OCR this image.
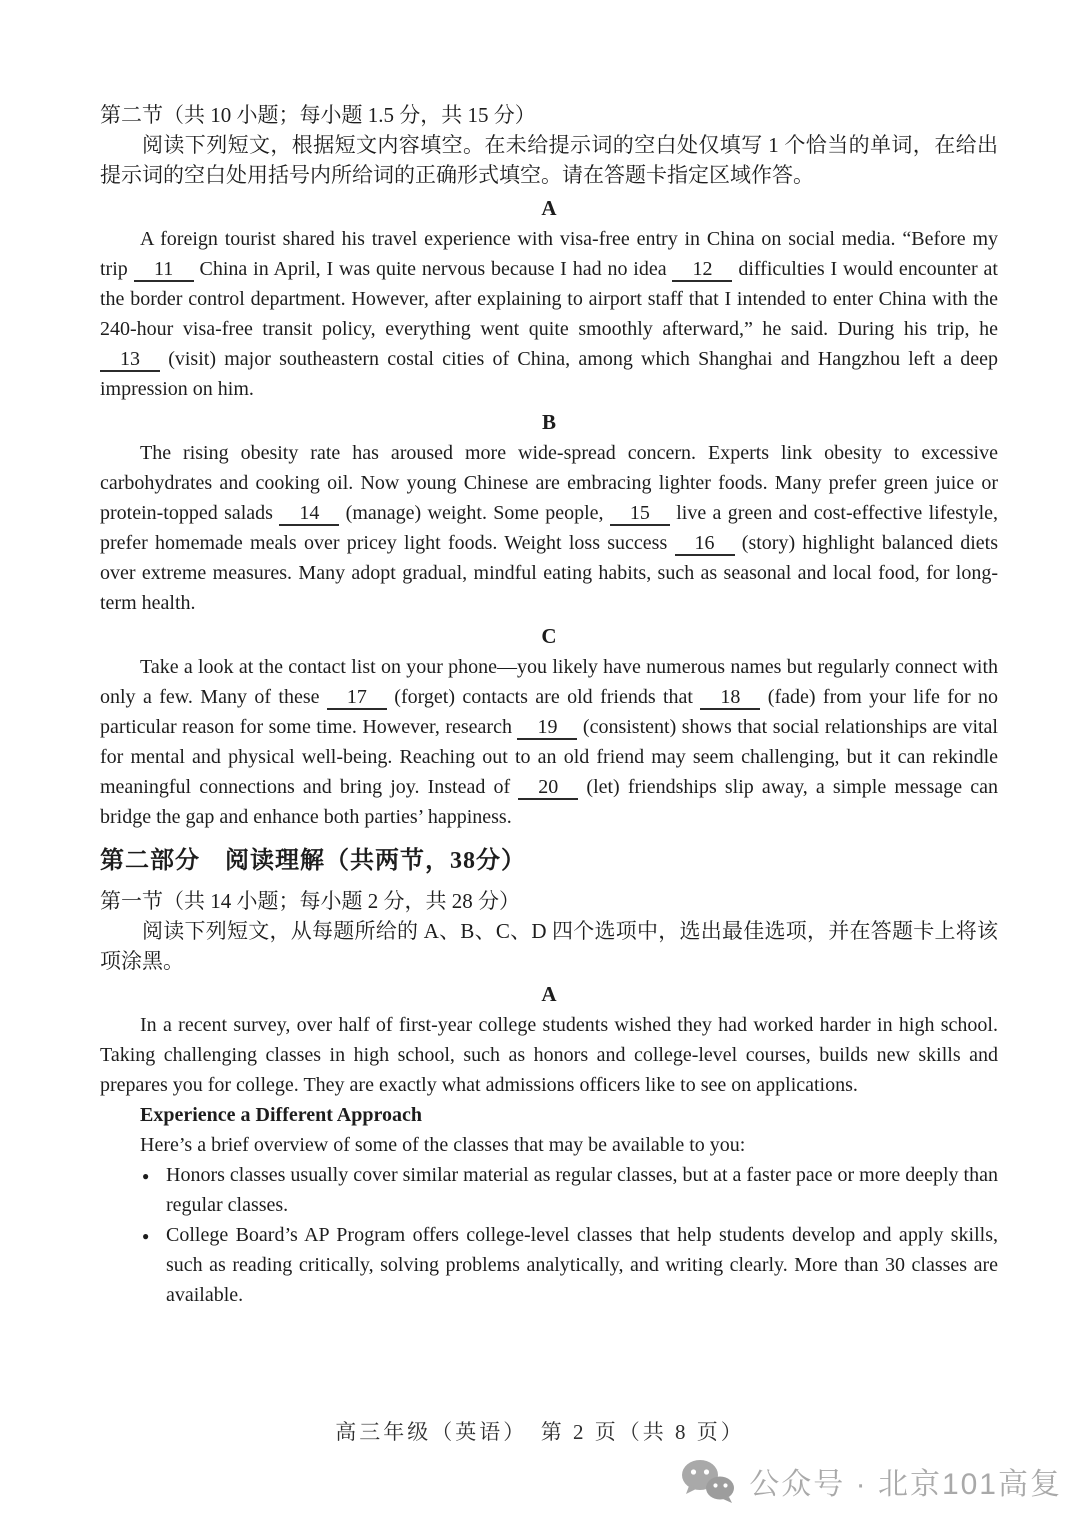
第二节（共 10 小题；每小题 1.5 分，共 15 分）

阅读下列短文，根据短文内容填空。在未给提示词的空白处仅填写 1 个恰当的单词，在给出提示词的空白处用括号内所给词的正确形式填空。请在答题卡指定区域作答。

A

A foreign tourist shared his travel experience with visa-free entry in China on social media. “Before my trip 11 China in April, I was quite nervous because I had no idea 12 difficulties I would encounter at the border control department. However, after explaining to airport staff that I intended to enter China with the 240-hour visa-free transit policy, everything went quite smoothly afterward,” he said. During his trip, he 13 (visit) major southeastern costal cities of China, among which Shanghai and Hangzhou left a deep impression on him.

B

The rising obesity rate has aroused more wide-spread concern. Experts link obesity to excessive carbohydrates and cooking oil. Now young Chinese are embracing lighter foods. Many prefer green juice or protein-topped salads 14 (manage) weight. Some people, 15 live a green and cost-effective lifestyle, prefer homemade meals over pricey light foods. Weight loss success 16 (story) highlight balanced diets over extreme measures. Many adopt gradual, mindful eating habits, such as seasonal and local food, for long-term health.

C

Take a look at the contact list on your phone—you likely have numerous names but regularly connect with only a few. Many of these 17 (forget) contacts are old friends that 18 (fade) from your life for no particular reason for some time. However, research 19 (consistent) shows that social relationships are vital for mental and physical well-being. Reaching out to an old friend may seem challenging, but it can rekindle meaningful connections and bring joy. Instead of 20 (let) friendships slip away, a simple message can bridge the gap and enhance both parties’ happiness.

第二部分　阅读理解（共两节，38分）
第一节（共 14 小题；每小题 2 分，共 28 分）

阅读下列短文，从每题所给的 A、B、C、D 四个选项中，选出最佳选项，并在答题卡上将该项涂黑。

A

In a recent survey, over half of first-year college students wished they had worked harder in high school. Taking challenging classes in high school, such as honors and college-level courses, builds new skills and prepares you for college. They are exactly what admissions officers like to see on applications.

Experience a Different Approach

Here’s a brief overview of some of the classes that may be available to you:

● Honors classes usually cover similar material as regular classes, but at a faster pace or more deeply than regular classes.
● College Board’s AP Program offers college-level classes that help students develop and apply skills, such as reading critically, solving problems analytically, and writing clearly. More than 30 classes are available.
高三年级（英语）　第 2 页（共 8 页）
公众号 · 北京101高复
